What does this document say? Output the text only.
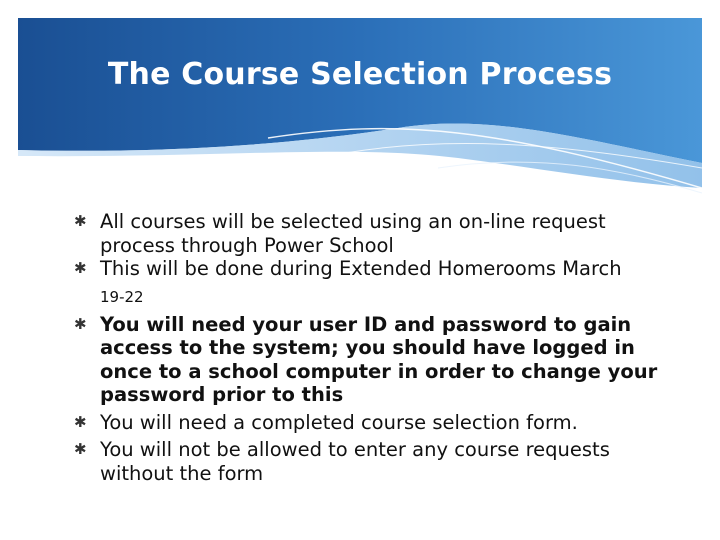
The Course Selection Process
✱ All courses will be selected using an on-line request process through Power School
✱ This will be done during Extended Homerooms March
19-22
✱ You will need your user ID and password to gain access to the system; you should have logged in once to a school computer in order to change your password prior to this
✱ You will need a completed course selection form.
✱ You will not be allowed to enter any course requests without the form
